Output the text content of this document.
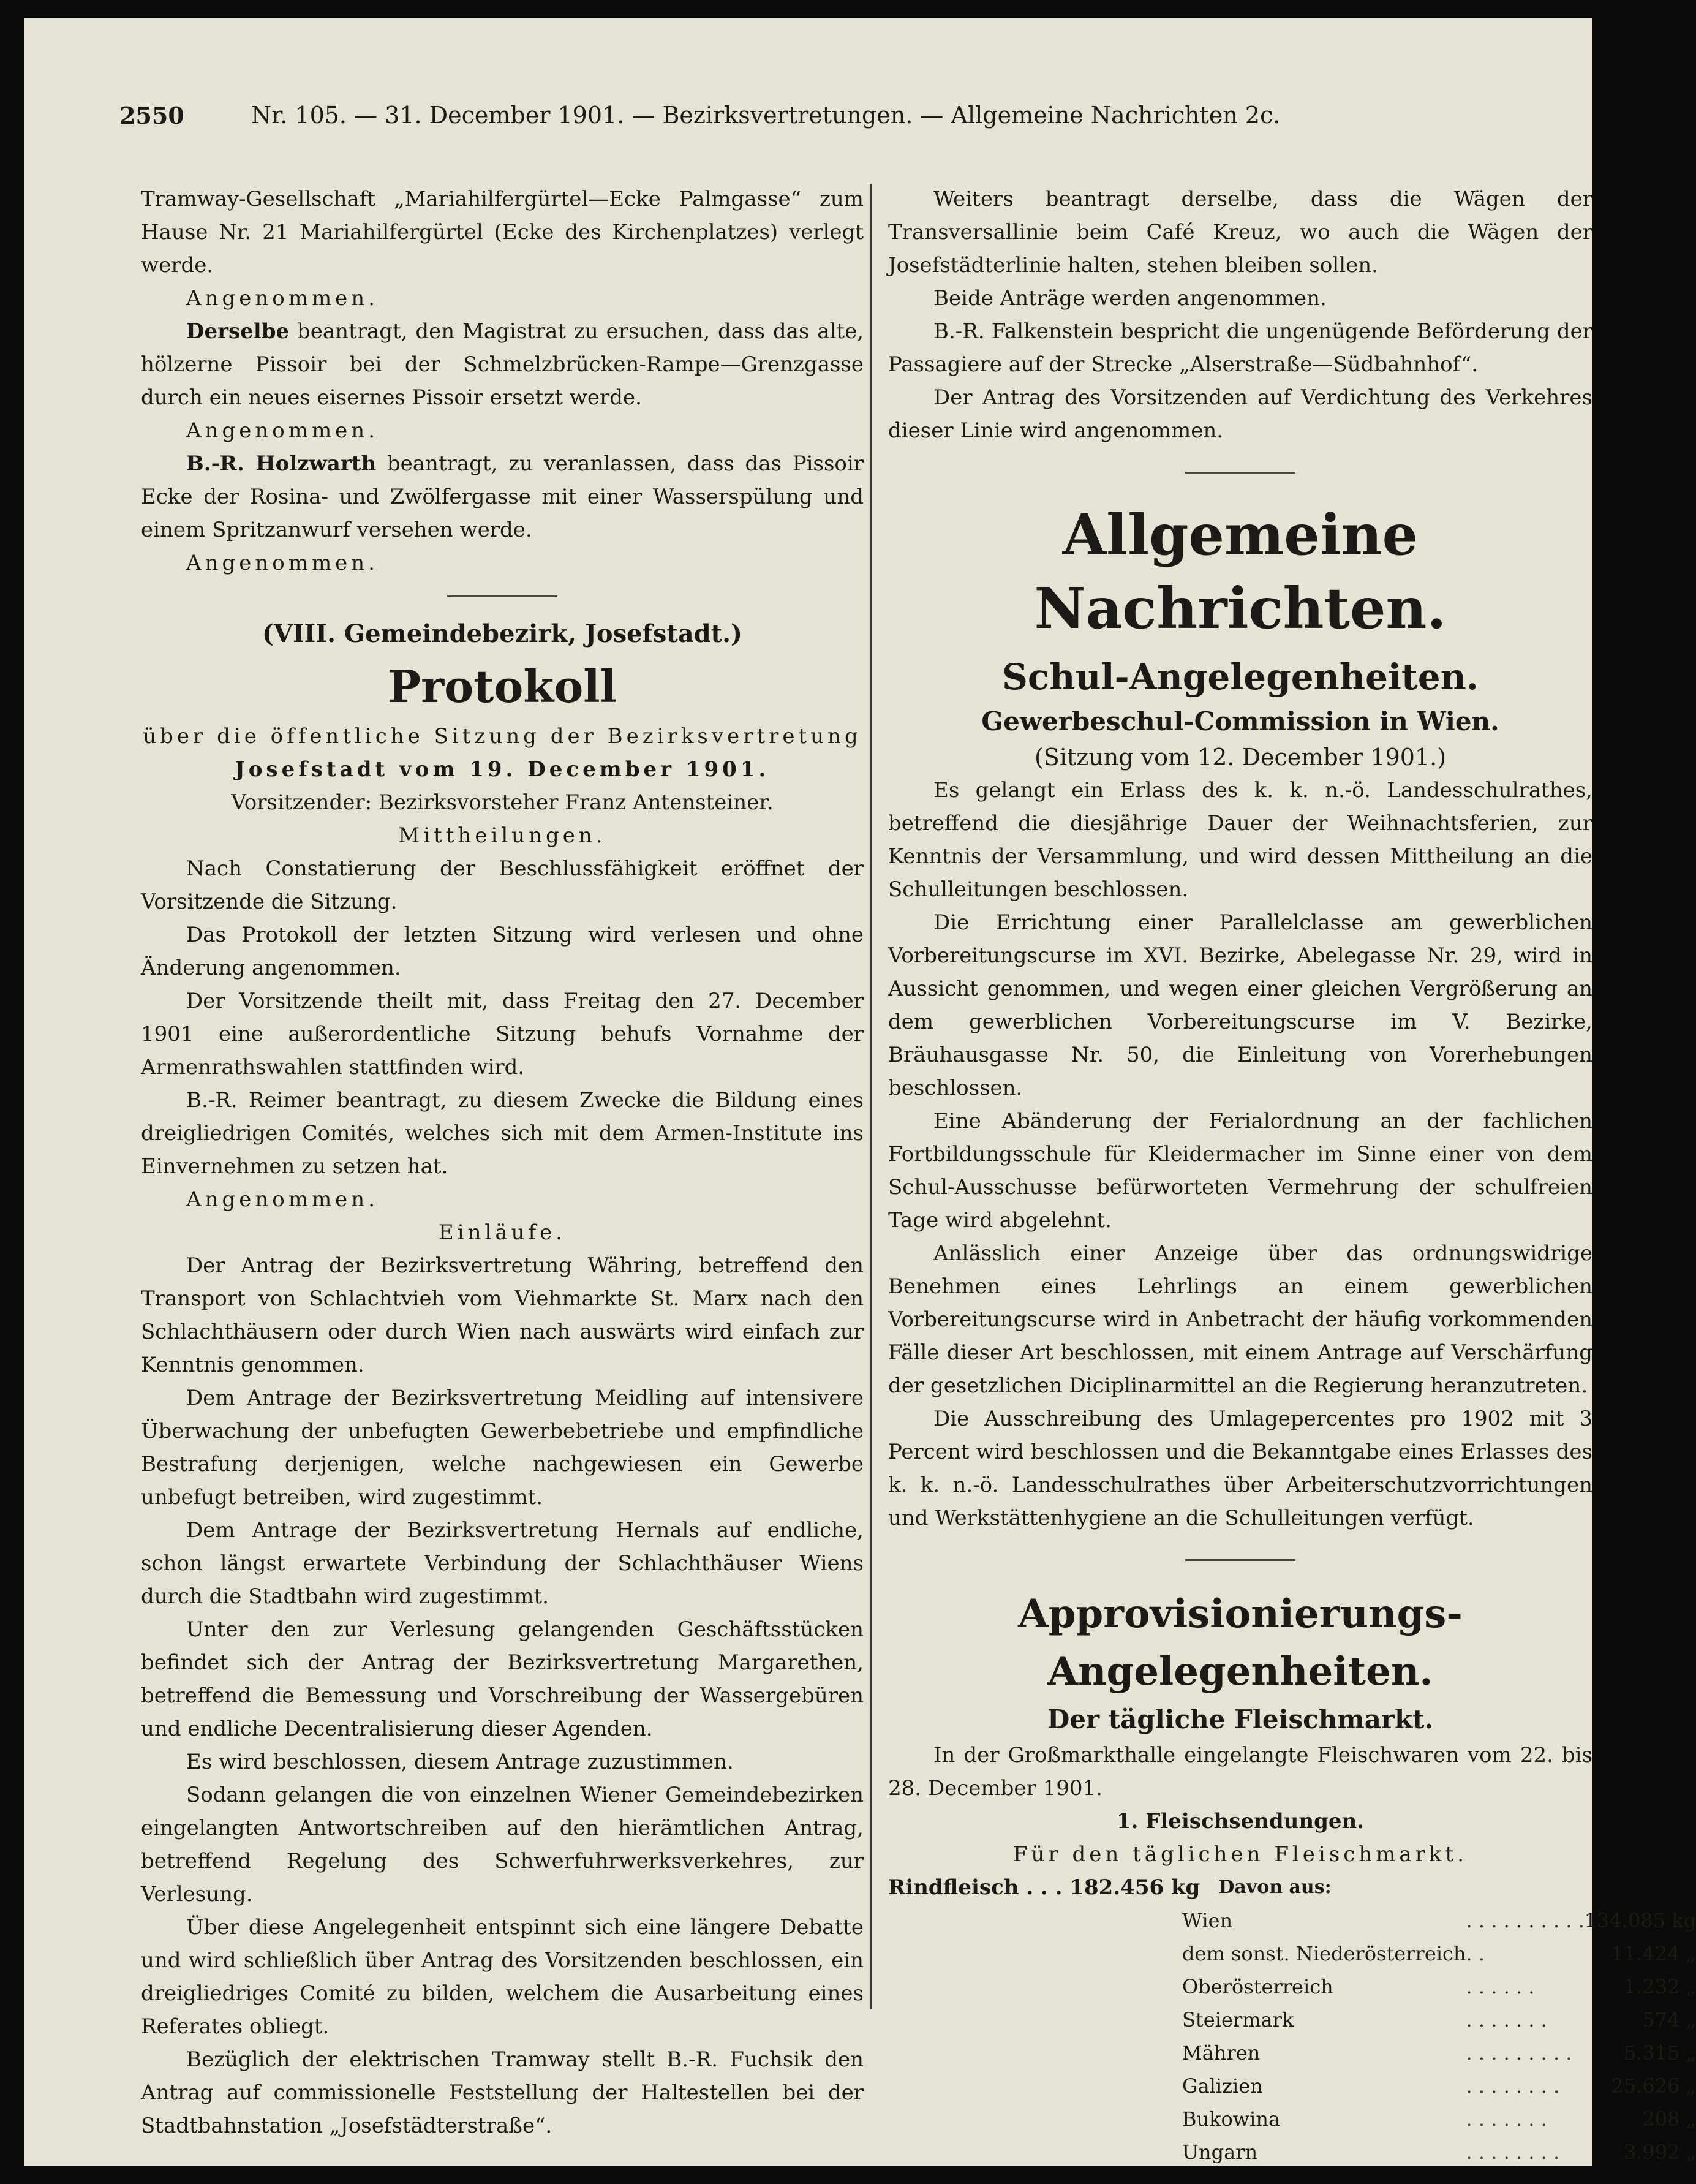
2550	Nr. 105. — 31. December 1901. — Bezirksvertretungen. — Allgemeine Nachrichten 2c.

Tramway-Gesellschaft „Mariahilfergürtel—Ecke Palmgasse“ zum Hause Nr. 21 Mariahilfergürtel (Ecke des Kirchenplatzes) verlegt werde.

Angenommen.

Derselbe beantragt, den Magistrat zu ersuchen, dass das alte, hölzerne Pissoir bei der Schmelzbrücken-Rampe—Grenzgasse durch ein neues eisernes Pissoir ersetzt werde.

Angenommen.

B.-R. Holzwarth beantragt, zu veranlassen, dass das Pissoir Ecke der Rosina- und Zwölfergasse mit einer Wasserspülung und einem Spritzanwurf versehen werde.

Angenommen.

(VIII. Gemeindebezirk, Josefstadt.)
Protokoll

über die öffentliche Sitzung der Bezirksvertretung

Josefstadt vom 19. December 1901.

Vorsitzender: Bezirksvorsteher Franz Antensteiner.

Mittheilungen.

Nach Constatierung der Beschlussfähigkeit eröffnet der Vorsitzende die Sitzung.

Das Protokoll der letzten Sitzung wird verlesen und ohne Änderung angenommen.

Der Vorsitzende theilt mit, dass Freitag den 27. December 1901 eine außerordentliche Sitzung behufs Vornahme der Armenrathswahlen stattfinden wird.

B.-R. Reimer beantragt, zu diesem Zwecke die Bildung eines dreigliedrigen Comités, welches sich mit dem Armen-Institute ins Einvernehmen zu setzen hat.

Angenommen.

Einläufe.

Der Antrag der Bezirksvertretung Währing, betreffend den Transport von Schlachtvieh vom Viehmarkte St. Marx nach den Schlachthäusern oder durch Wien nach auswärts wird einfach zur Kenntnis genommen.

Dem Antrage der Bezirksvertretung Meidling auf intensivere Überwachung der unbefugten Gewerbebetriebe und empfindliche Bestrafung derjenigen, welche nachgewiesen ein Gewerbe unbefugt betreiben, wird zugestimmt.

Dem Antrage der Bezirksvertretung Hernals auf endliche, schon längst erwartete Verbindung der Schlachthäuser Wiens durch die Stadtbahn wird zugestimmt.

Unter den zur Verlesung gelangenden Geschäftsstücken befindet sich der Antrag der Bezirksvertretung Margarethen, betreffend die Bemessung und Vorschreibung der Wassergebüren und endliche Decentralisierung dieser Agenden.

Es wird beschlossen, diesem Antrage zuzustimmen.

Sodann gelangen die von einzelnen Wiener Gemeindebezirken eingelangten Antwortschreiben auf den hierämtlichen Antrag, betreffend Regelung des Schwerfuhrwerksverkehres, zur Verlesung.

Über diese Angelegenheit entspinnt sich eine längere Debatte und wird schließlich über Antrag des Vorsitzenden beschlossen, ein dreigliedriges Comité zu bilden, welchem die Ausarbeitung eines Referates obliegt.

Bezüglich der elektrischen Tramway stellt B.-R. Fuchsik den Antrag auf commissionelle Feststellung der Haltestellen bei der Stadtbahnstation „Josefstädterstraße“.

Weiters beantragt derselbe, dass die Wägen der Transversallinie beim Café Kreuz, wo auch die Wägen der Josefstädterlinie halten, stehen bleiben sollen.

Beide Anträge werden angenommen.

B.-R. Falkenstein bespricht die ungenügende Beförderung der Passagiere auf der Strecke „Alserstraße—Südbahnhof“.

Der Antrag des Vorsitzenden auf Verdichtung des Verkehres dieser Linie wird angenommen.

Allgemeine Nachrichten.
Schul-Angelegenheiten.
Gewerbeschul-Commission in Wien.

(Sitzung vom 12. December 1901.)

Es gelangt ein Erlass des k. k. n.-ö. Landesschulrathes, betreffend die diesjährige Dauer der Weihnachtsferien, zur Kenntnis der Versammlung, und wird dessen Mittheilung an die Schulleitungen beschlossen.

Die Errichtung einer Parallelclasse am gewerblichen Vorbereitungscurse im XVI. Bezirke, Abelegasse Nr. 29, wird in Aussicht genommen, und wegen einer gleichen Vergrößerung an dem gewerblichen Vorbereitungscurse im V. Bezirke, Bräuhausgasse Nr. 50, die Einleitung von Vorerhebungen beschlossen.

Eine Abänderung der Ferialordnung an der fachlichen Fortbildungsschule für Kleidermacher im Sinne einer von dem Schul-Ausschusse befürworteten Vermehrung der schulfreien Tage wird abgelehnt.

Anlässlich einer Anzeige über das ordnungswidrige Benehmen eines Lehrlings an einem gewerblichen Vorbereitungscurse wird in Anbetracht der häufig vorkommenden Fälle dieser Art beschlossen, mit einem Antrage auf Verschärfung der gesetzlichen Diciplinarmittel an die Regierung heranzutreten.

Die Ausschreibung des Umlagepercentes pro 1902 mit 3 Percent wird beschlossen und die Bekanntgabe eines Erlasses des k. k. n.-ö. Landesschulrathes über Arbeiterschutzvorrichtungen und Werkstättenhygiene an die Schulleitungen verfügt.

Approvisionierungs-Angelegenheiten.
Der tägliche Fleischmarkt.

In der Großmarkthalle eingelangte Fleischwaren vom 22. bis 28. December 1901.

1. Fleischsendungen.

Für den täglichen Fleischmarkt.

Rindfleisch . . . 182.456 kg Davon aus:
Wien	. . . . . . . . . .	134.085 kg
dem sonst. Niederösterreich	. .	11.424 „
Oberösterreich	. . . . . .	1.232 „
Steiermark	. . . . . . .	574 „
Mähren	. . . . . . . . .	5.315 „
Galizien	. . . . . . . .	25.626 „
Bukowina	. . . . . . .	208 „
Ungarn	. . . . . . . .	3.992 „
